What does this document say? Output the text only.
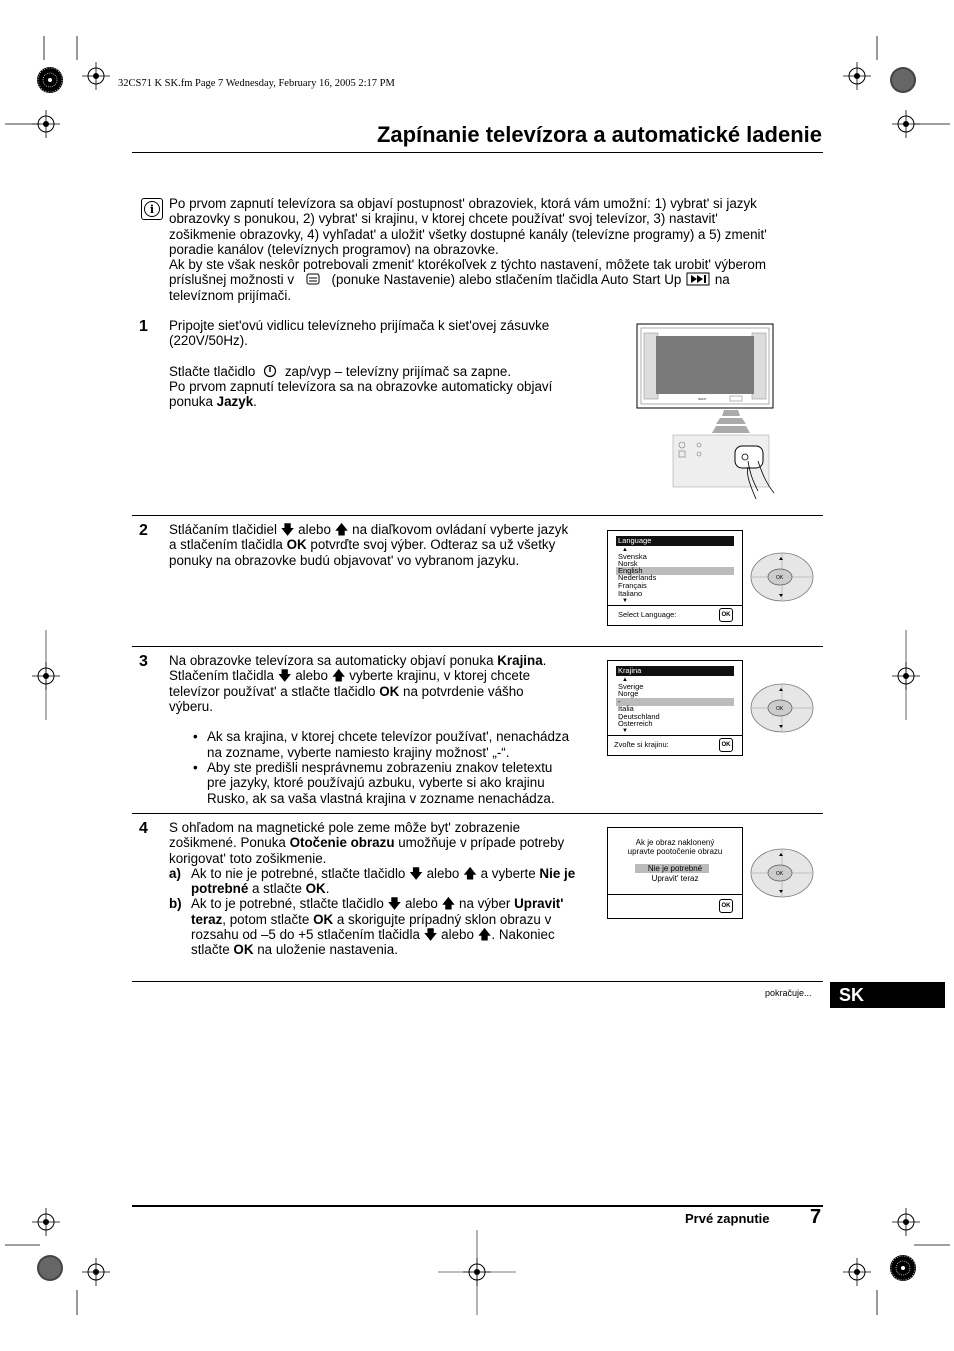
32CS71 K SK.fm Page 7 Wednesday, February 16, 2005 2:17 PM
Zapínanie televízora a automatické ladenie
i	Po prvom zapnutí televízora sa objaví postupnost' obrazoviek, ktorá vám umožní: 1) vybrat' si jazyk

obrazovky s ponukou, 2) vybrat' si krajinu, v ktorej chcete používat' svoj televízor, 3) nastavit'

zošikmenie obrazovky, 4) vyhľadat' a uložit' všetky dostupné kanály (televízne programy) a 5) zmenit'

poradie kanálov (televíznych programov) na obrazovke.

Ak by ste však neskôr potrebovali zmenit' ktorékoľvek z týchto nastavení, môžete tak urobit' výberom

príslušnej možnosti v	(ponuke Nastavenie) alebo stlačením tlačidla Auto Start Up na

televíznom prijímači.

1 Pripojte siet'ovú vidlicu televízneho prijímača k siet'ovej zásuvke

(220V/50Hz).

Stlačte tlačidlo zap/vyp – televízny prijímač sa zapne.

Po prvom zapnutí televízora sa na obrazovke automaticky objaví

ponuka Jazyk.	SONY
2 Stláčaním tlačidiel 🡇 alebo 🡅 na diaľkovom ovládaní vyberte jazyk

a stlačením tlačidla OK potvrďte svoj výber. Odteraz sa už všetky

ponuky na obrazovke budú objavovat' vo vybranom jazyku.

Language
▲
Svenska
Norsk
English
Nederlands
Français
Italiano
▼
Select Language:	OK
OK
OK
OK
3 Na obrazovke televízora sa automaticky objaví ponuka Krajina.

Stlačením tlačidla 🡇 alebo 🡅 vyberte krajinu, v ktorej chcete

televízor používat' a stlačte tlačidlo OK na potvrdenie vášho

výberu.

• Ak sa krajina, v ktorej chcete televízor používat', nenachádza

na zozname, vyberte namiesto krajiny možnost' „-“.

• Aby ste predišli nesprávnemu zobrazeniu znakov teletextu

pre jazyky, ktoré používajú azbuku, vyberte si ako krajinu

Rusko, ak sa vaša vlastná krajina v zozname nenachádza.

Krajina
▲
Sverige
Norge
-
Italia
Deutschland
Österreich
▼
Zvoľte si krajinu:	OK
4 S ohľadom na magnetické pole zeme môže byt' zobrazenie

zošikmené. Ponuka Otočenie obrazu umožňuje v prípade potreby

korigovat' toto zošikmenie.

a) Ak to nie je potrebné, stlačte tlačidlo 🡇 alebo 🡅 a vyberte Nie je

potrebné a stlačte OK.

b) Ak to je potrebné, stlačte tlačidlo 🡇 alebo 🡅 na výber Upravit'

teraz, potom stlačte OK a skorigujte prípadný sklon obrazu v

rozsahu od –5 do +5 stlačením tlačidla 🡇 alebo 🡅. Nakoniec

stlačte OK na uloženie nastavenia.

Ak je obraz naklonený
upravte pootočenie obrazu
Nie je potrebné
Upravit' teraz
OK
pokračuje...	SK
Prvé zapnutie 7
